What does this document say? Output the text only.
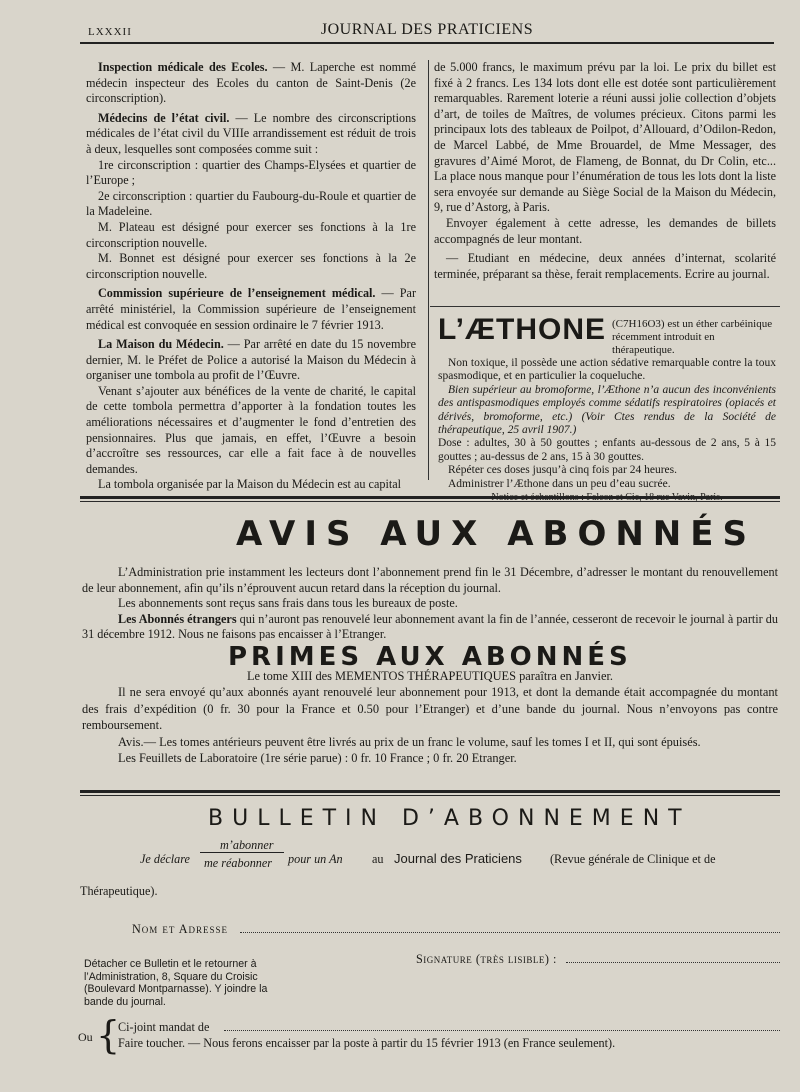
LXXXII	JOURNAL DES PRATICIENS

Inspection médicale des Ecoles. — M. Laperche est nommé médecin inspecteur des Ecoles du canton de Saint-Denis (2e circonscription).

Médecins de l’état civil. — Le nombre des circonscriptions médicales de l’état civil du VIIIe arrandissement est réduit de trois à deux, lesquelles sont composées comme suit :

1re circonscription : quartier des Champs-Elysées et quartier de l’Europe ;

2e circonscription : quartier du Faubourg-du-Roule et quartier de la Madeleine.

M. Plateau est désigné pour exercer ses fonctions à la 1re circonscription nouvelle.

M. Bonnet est désigné pour exercer ses fonctions à la 2e circonscription nouvelle.

Commission supérieure de l’enseignement médical. — Par arrêté ministériel, la Commission supérieure de l’enseignement médical est convoquée en session ordinaire le 7 février 1913.

La Maison du Médecin. — Par arrêté en date du 15 novembre dernier, M. le Préfet de Police a autorisé la Maison du Médecin à organiser une tombola au profit de l’Œuvre.

Venant s’ajouter aux bénéfices de la vente de charité, le capital de cette tombola permettra d’apporter à la fondation toutes les améliorations nécessaires et d’augmenter le fond d’entretien des pensionnaires. Plus que jamais, en effet, l’Œuvre a besoin d’accroître ses ressources, car elle a fait face à de nouvelles demandes.

La tombola organisée par la Maison du Médecin est au capital

de 5.000 francs, le maximum prévu par la loi. Le prix du billet est fixé à 2 francs. Les 134 lots dont elle est dotée sont particulièrement remarquables. Rarement loterie a réuni aussi jolie collection d’objets d’art, de toiles de Maîtres, de volumes précieux. Citons parmi les principaux lots des tableaux de Poilpot, d’Allouard, d’Odilon-Redon, de Marcel Labbé, de Mme Brouardel, de Mme Messager, des gravures d’Aimé Morot, de Flameng, de Bonnat, du Dr Colin, etc... La place nous manque pour l’énumération de tous les lots dont la liste sera envoyée sur demande au Siège Social de la Maison du Médecin, 9, rue d’Astorg, à Paris.

Envoyer également à cette adresse, les demandes de billets accompagnés de leur montant.

— Etudiant en médecine, deux années d’internat, scolarité terminée, préparant sa thèse, ferait remplacements. Ecrire au journal.

L’ÆTHONE (C7H16O3) est un éther carbéinique récemment introduit en thérapeutique.
Non toxique, il possède une action sédative remarquable contre la toux spasmodique, et en particulier la coqueluche.
Bien supérieur au bromoforme, l’Æthone n’a aucun des inconvénients des antispasmodiques employés comme sédatifs respiratoires (opiacés et dérivés, bromoforme, etc.) (Voir Ctes rendus de la Société de thérapeutique, 25 avril 1907.)
Dose : adultes, 30 à 50 gouttes ; enfants au-dessous de 2 ans, 5 à 15 gouttes ; au-dessus de 2 ans, 15 à 30 gouttes.
Répéter ces doses jusqu’à cinq fois par 24 heures.
Administrer l’Æthone dans un peu d’eau sucrée.
AVIS AUX ABONNÉS

L’Administration prie instamment les lecteurs dont l’abonnement prend fin le 31 Décembre, d’adresser le montant du renouvellement de leur abonnement, afin qu’ils n’éprouvent aucun retard dans la réception du journal.

Les abonnements sont reçus sans frais dans tous les bureaux de poste.

Les Abonnés étrangers qui n’auront pas renouvelé leur abonnement avant la fin de l’année, cesseront de recevoir le journal à partir du 31 décembre 1912. Nous ne faisons pas encaisser à l’Etranger.

PRIMES AUX ABONNÉS

Le tome XIII des MEMENTOS THÉRAPEUTIQUES paraîtra en Janvier.

Il ne sera envoyé qu’aux abonnés ayant renouvelé leur abonnement pour 1913, et dont la demande était accompagnée du montant des frais d’expédition (0 fr. 30 pour la France et 0.50 pour l’Etranger) et d’une bande du journal. Nous n’envoyons pas contre remboursement.

Avis.— Les tomes antérieurs peuvent être livrés au prix de un franc le volume, sauf les tomes I et II, qui sont épuisés.

Les Feuillets de Laboratoire (1re série parue) : 0 fr. 10 France ; 0 fr. 20 Etranger.

BULLETIN D’ABONNEMENT
Je déclare
m’abonner
me réabonner pour un An au Journal des Praticiens (Revue générale de Clinique et de
Thérapeutique).
Nom et Adresse
Détacher ce Bulletin et le retourner à l’Administration, 8, Square du Croisic (Boulevard Montparnasse). Y joindre la bande du journal.
Signature (très lisible) :
Ou {
Ci-joint mandat de
Faire toucher. — Nous ferons encaisser par la poste à partir du 15 février 1913 (en France seulement).
